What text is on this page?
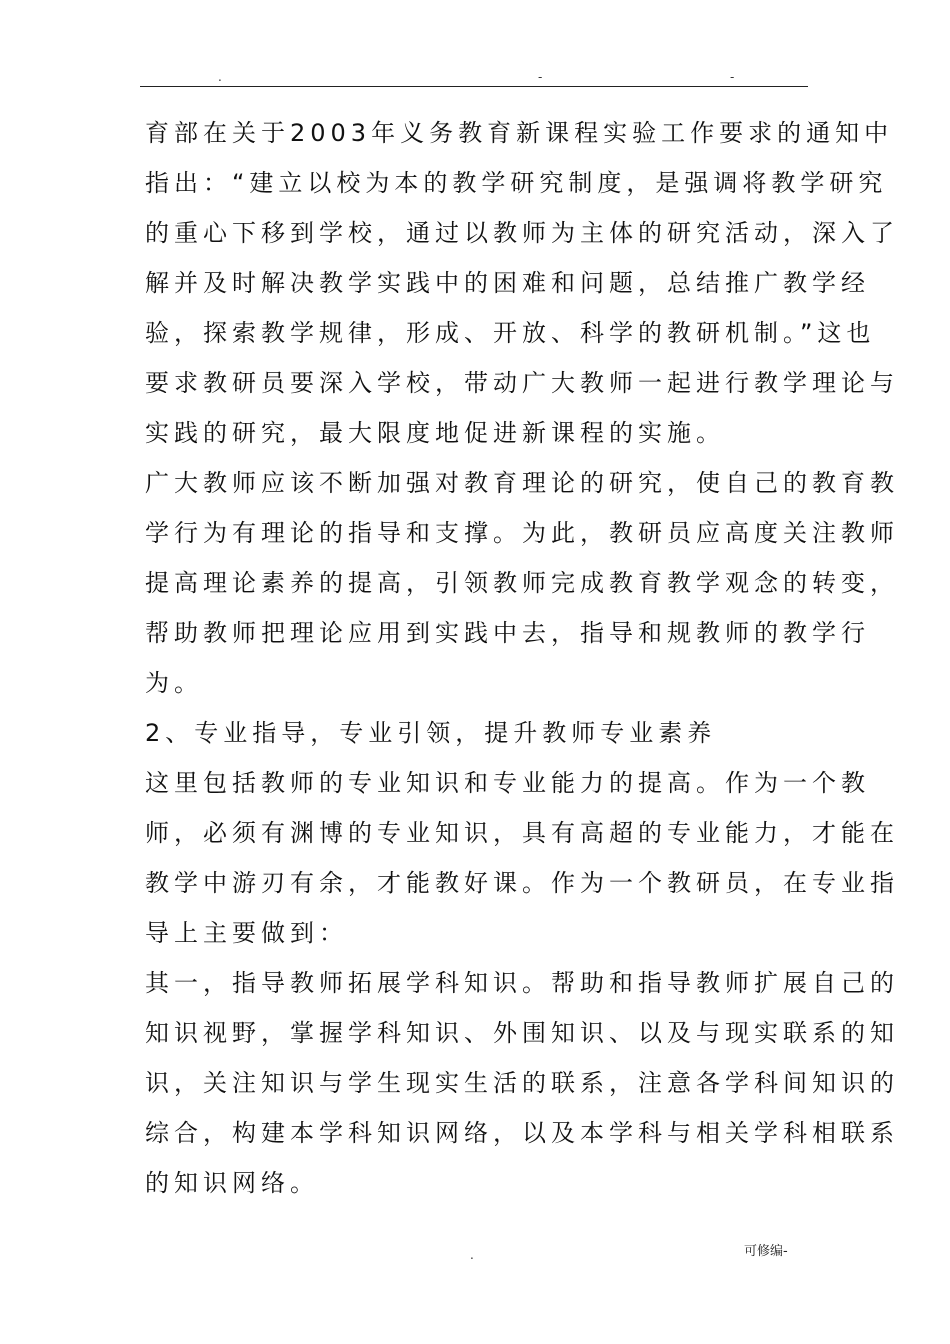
.	-	-
育部在关于2003年义务教育新课程实验工作要求的通知中
指出：“建立以校为本的教学研究制度，是强调将教学研究
的重心下移到学校，通过以教师为主体的研究活动，深入了
解并及时解决教学实践中的困难和问题，总结推广教学经
验，探索教学规律，形成、开放、科学的教研机制。”这也
要求教研员要深入学校，带动广大教师一起进行教学理论与
实践的研究，最大限度地促进新课程的实施。
广大教师应该不断加强对教育理论的研究，使自己的教育教
学行为有理论的指导和支撑。为此，教研员应高度关注教师
提高理论素养的提高，引领教师完成教育教学观念的转变，
帮助教师把理论应用到实践中去，指导和规教师的教学行
为。
2、专业指导，专业引领，提升教师专业素养
这里包括教师的专业知识和专业能力的提高。作为一个教
师，必须有渊博的专业知识，具有高超的专业能力，才能在
教学中游刃有余，才能教好课。作为一个教研员，在专业指
导上主要做到：
其一，指导教师拓展学科知识。帮助和指导教师扩展自己的
知识视野，掌握学科知识、外围知识、以及与现实联系的知
识，关注知识与学生现实生活的联系，注意各学科间知识的
综合，构建本学科知识网络，以及本学科与相关学科相联系
的知识网络。
.	可修编-
